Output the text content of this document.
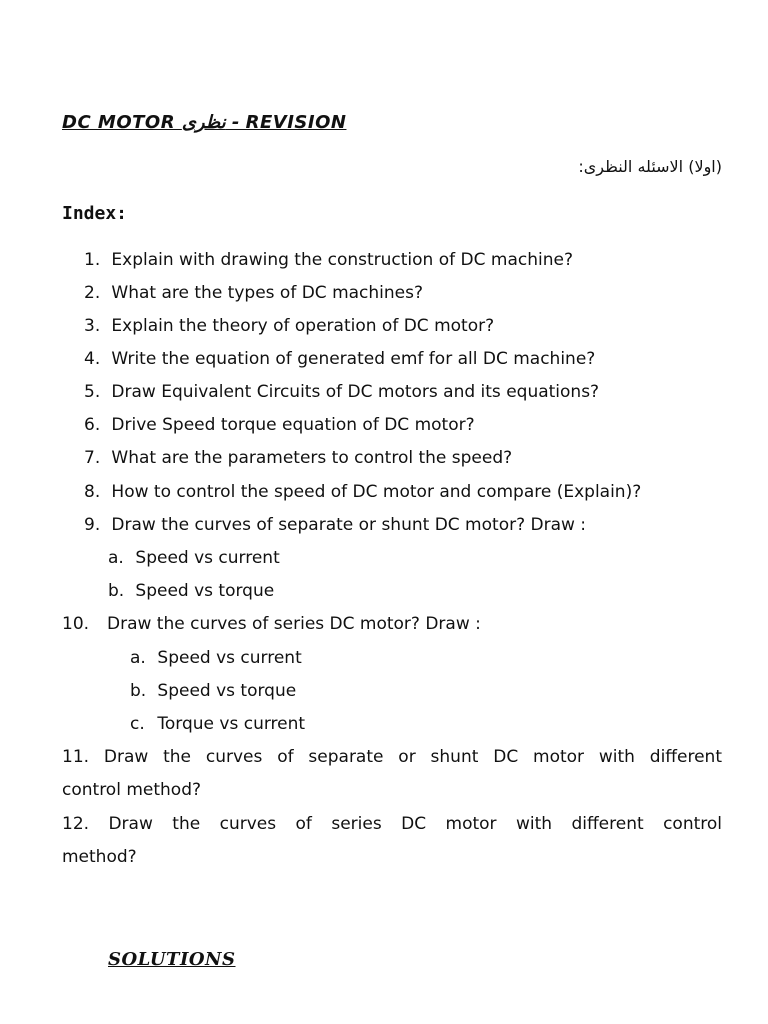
DC MOTOR نظرى - REVISION
(اولا) الاسئله النظرى:
Index:
1. Explain with drawing the construction of DC machine?
2. What are the types of DC machines?
3. Explain the theory of operation of DC motor?
4. Write the equation of generated emf for all DC machine?
5. Draw Equivalent Circuits of DC motors and its equations?
6. Drive Speed torque equation of DC motor?
7. What are the parameters to control the speed?
8. How to control the speed of DC motor and compare (Explain)?
9. Draw the curves of separate or shunt DC motor? Draw :
a. Speed vs current
b. Speed vs torque
10. Draw the curves of series DC motor? Draw :
a. Speed vs current
b. Speed vs torque
c. Torque vs current
11. Draw the curves of separate or shunt DC motor with different
control method?
12. Draw the curves of series DC motor with different control
method?
SOLUTIONS
